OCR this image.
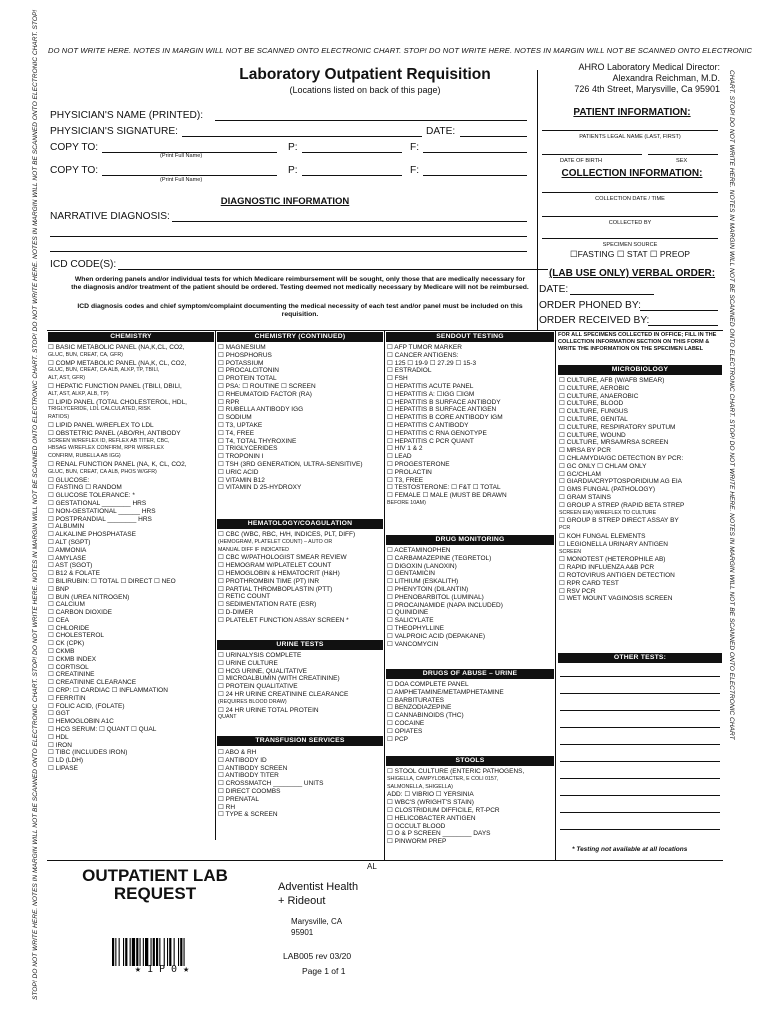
DO NOT WRITE HERE. NOTES IN MARGIN WILL NOT BE SCANNED ONTO ELECTRONIC CHART. STOP! DO NOT WRITE HERE. NOTES IN MARGIN WILL NOT BE SCANNED ONTO ELECTRONIC
STOP! DO NOT WRITE HERE. NOTES IN MARGIN WILL NOT BE SCANNED ONTO ELECTRONIC CHART. STOP! DO NOT WRITE HERE. NOTES IN MARGIN WILL NOT BE SCANNED ONTO ELECTRONIC CHART. STOP! DO NOT WRITE HERE. NOTES IN MARGIN WILL NOT BE SCANNED ONTO ELECTRONIC CHART. STOP!	CHART. STOP! DO NOT WRITE HERE. NOTES IN MARGIN WILL NOT BE SCANNED ONTO ELECTRONIC CHART. STOP! DO NOT WRITE HERE. NOTES IN MARGIN WILL NOT BE SCANNED ONTO ELECTRONIC CHART
Laboratory Outpatient Requisition
(Locations listed on back of this page)
AHRO Laboratory Medical Director:
Alexandra Reichman, M.D.
726 4th Street, Marysville, Ca 95901
PHYSICIAN'S NAME (PRINTED):
PHYSICIAN'S SIGNATURE:	DATE:
COPY TO:
(Print Full Name)
P:	F:
COPY TO:
(Print Full Name)
P:	F:
DIAGNOSTIC INFORMATION
NARRATIVE DIAGNOSIS:
ICD CODE(S):
When ordering panels and/or individual tests for which Medicare reimbursement will be sought, only those that are medically necessary for the diagnosis and/or treatment of the patient should be ordered. Testing deemed not medically necessary by Medicare will not be reimbursed.
ICD diagnosis codes and chief symptom/complaint documenting the medical necessity of each test and/or panel must be included on this requisition.
PATIENT INFORMATION:
PATIENTS LEGAL NAME (LAST, FIRST)
DATE OF BIRTH	SEX
COLLECTION INFORMATION:
COLLECTION DATE / TIME
COLLECTED BY
SPECIMEN SOURCE
☐FASTING ☐ STAT ☐ PREOP
(LAB USE ONLY) VERBAL ORDER:
DATE:
ORDER PHONED BY:
ORDER RECEIVED BY:
CHEMISTRY
☐ BASIC METABOLIC PANEL (NA,K,CL, CO2,
GLUC, BUN, CREAT, CA, GFR)
☐ COMP METABOLIC PANEL (NA,K, CL, CO2,
GLUC, BUN, CREAT, CA ALB, ALKP, TP, TBILI,
ALT, AST, GFR)
☐ HEPATIC FUNCTION PANEL (TBILI, DBILI,
ALT, AST, ALKP, ALB, TP)
☐ LIPID PANEL (TOTAL CHOLESTEROL, HDL,
TRIGLYCERIDE, LDL CALCULATED, RISK
RATIOS)
☐ LIPID PANEL W/REFLEX TO LDL
☐ OBSTETRIC PANEL (ABO/RH, ANTIBODY
SCREEN W/REFLEX ID, REFLEX AB TITER, CBC,
HBSAG W/REFLEX CONFIRM, RPR W/REFLEX
CONFIRM, RUBELLA AB IGG)
☐ RENAL FUNCTION PANEL (NA, K, CL, CO2,
GLUC, BUN, CREAT, CA ALB, PHOS W/GFR)
☐ GLUCOSE:
☐ FASTING ☐ RANDOM
☐ GLUCOSE TOLERANCE: *
☐ GESTATIONAL ________ HRS
☐ NON-GESTATIONAL ______ HRS
☐ POSTPRANDIAL ________ HRS
☐ ALBUMIN
☐ ALKALINE PHOSPHATASE
☐ ALT (SGPT)
☐ AMMONIA
☐ AMYLASE
☐ AST (SGOT)
☐ B12 & FOLATE
☐ BILIRUBIN: ☐ TOTAL ☐ DIRECT ☐ NEO
☐ BNP
☐ BUN (UREA NITROGEN)
☐ CALCIUM
☐ CARBON DIOXIDE
☐ CEA
☐ CHLORIDE
☐ CHOLESTEROL
☐ CK (CPK)
☐ CKMB
☐ CKMB INDEX
☐ CORTISOL
☐ CREATININE
☐ CREATININE CLEARANCE
☐ CRP: ☐ CARDIAC ☐ INFLAMMATION
☐ FERRITIN
☐ FOLIC ACID, (FOLATE)
☐ GGT
☐ HEMOGLOBIN A1C
☐ HCG SERUM: ☐ QUANT ☐ QUAL
☐ HDL
☐ IRON
☐ TIBC (INCLUDES IRON)
☐ LD (LDH)
☐ LIPASE
CHEMISTRY (CONTINUED)
☐ MAGNESIUM
☐ PHOSPHORUS
☐ POTASSIUM
☐ PROCALCITONIN
☐ PROTEIN TOTAL
☐ PSA: ☐ ROUTINE ☐ SCREEN
☐ RHEUMATOID FACTOR (RA)
☐ RPR
☐ RUBELLA ANTIBODY IGG
☐ SODIUM
☐ T3, UPTAKE
☐ T4, FREE
☐ T4, TOTAL THYROXINE
☐ TRIGLYCERIDES
☐ TROPONIN I
☐ TSH (3RD GENERATION, ULTRA-SENSITIVE)
☐ URIC ACID
☐ VITAMIN B12
☐ VITAMIN D 25-HYDROXY
HEMATOLOGY/COAGULATION
☐ CBC (WBC, RBC, H/H, INDICES, PLT, DIFF)
(HEMOGRAM, PLATELET COUNT) – AUTO OR
MANUAL DIFF IF INDICATED
☐ CBC W/PATHOLOGIST SMEAR REVIEW
☐ HEMOGRAM W/PLATELET COUNT
☐ HEMOGLOBIN & HEMATOCRIT (H&H)
☐ PROTHROMBIN TIME (PT) INR
☐ PARTIAL THROMBOPLASTIN (PTT)
☐ RETIC COUNT
☐ SEDIMENTATION RATE (ESR)
☐ D-DIMER
☐ PLATELET FUNCTION ASSAY SCREEN *
URINE TESTS
☐ URINALYSIS COMPLETE
☐ URINE CULTURE
☐ HCG URINE, QUALITATIVE
☐ MICROALBUMIN (WITH CREATININE)
☐ PROTEIN QUALITATIVE
☐ 24 HR URINE CREATININE CLEARANCE
(REQUIRES BLOOD DRAW)
☐ 24 HR URINE TOTAL PROTEIN
QUANT
TRANSFUSION SERVICES
☐ ABO & RH
☐ ANTIBODY ID
☐ ANTIBODY SCREEN
☐ ANTIBODY TITER
☐ CROSSMATCH ________ UNITS
☐ DIRECT COOMBS
☐ PRENATAL
☐ RH
☐ TYPE & SCREEN
SENDOUT TESTING
☐ AFP TUMOR MARKER
☐ CANCER ANTIGENS:
☐ 125 ☐ 19-9 ☐ 27.29 ☐ 15-3
☐ ESTRADIOL
☐ FSH
☐ HEPATITIS ACUTE PANEL
☐ HEPATITIS A: ☐IGG ☐IGM
☐ HEPATITIS B SURFACE ANTIBODY
☐ HEPATITIS B SURFACE ANTIGEN
☐ HEPATITIS B CORE ANTIBODY IGM
☐ HEPATITIS C ANTIBODY
☐ HEPATITIS C RNA GENOTYPE
☐ HEPATITIS C PCR QUANT
☐ HIV 1 & 2
☐ LEAD
☐ PROGESTERONE
☐ PROLACTIN
☐ T3, FREE
☐ TESTOSTERONE: ☐ F&T ☐ TOTAL
☐ FEMALE ☐ MALE (MUST BE DRAWN
BEFORE 10AM)
DRUG MONITORING
☐ ACETAMINOPHEN
☐ CARBAMAZEPINE (TEGRETOL)
☐ DIGOXIN (LANOXIN)
☐ GENTAMICIN
☐ LITHIUM (ESKALITH)
☐ PHENYTOIN (DILANTIN)
☐ PHENOBARBITOL (LUMINAL)
☐ PROCAINAMIDE (NAPA INCLUDED)
☐ QUINIDINE
☐ SALICYLATE
☐ THEOPHYLLINE
☐ VALPROIC ACID (DEPAKANE)
☐ VANCOMYCIN
DRUGS OF ABUSE – URINE
☐ DOA COMPLETE PANEL
☐ AMPHETAMINE/METAMPHETAMINE
☐ BARBITURATES
☐ BENZODIAZEPINE
☐ CANNABINOIDS (THC)
☐ COCAINE
☐ OPIATES
☐ PCP
STOOLS
☐ STOOL CULTURE (ENTERIC PATHOGENS,
SHIGELLA, CAMPYLOBACTER, E COLI 0157,
SALMONELLA, SHIGELLA)
ADD: ☐ VIBRIO ☐ YERSINIA
☐ WBC'S (WRIGHT'S STAIN)
☐ CLOSTRIDIUM DIFFICILE, RT-PCR
☐ HELICOBACTER ANTIGEN
☐ OCCULT BLOOD
☐ O & P SCREEN ________ DAYS
☐ PINWORM PREP
FOR ALL SPECIMENS COLLECTED IN OFFICE; FILL IN THE COLLECTION INFORMATION SECTION ON THIS FORM & WRITE THE INFORMATION ON THE SPECIMEN LABEL
MICROBIOLOGY
☐ CULTURE, AFB (W/AFB SMEAR)
☐ CULTURE, AEROBIC
☐ CULTURE, ANAEROBIC
☐ CULTURE, BLOOD
☐ CULTURE, FUNGUS
☐ CULTURE, GENITAL
☐ CULTURE, RESPIRATORY SPUTUM
☐ CULTURE, WOUND
☐ CULTURE, MRSA/MRSA SCREEN
☐ MRSA BY PCR
☐ CHLAMYDIA/GC DETECTION BY PCR:
☐ GC ONLY ☐ CHLAM ONLY
☐ GC/CHLAM
☐ GIARDIA/CRYPTOSPORIDIUM AG EIA
☐ GMS FUNGAL (PATHOLOGY)
☐ GRAM STAINS
☐ GROUP A STREP (RAPID BETA STREP
SCREEN EIA) W/REFLEX TO CULTURE
☐ GROUP B STREP DIRECT ASSAY BY
PCR
☐ KOH FUNGAL ELEMENTS
☐ LEGIONELLA URINARY ANTIGEN
SCREEN
☐ MONOTEST (HETEROPHILE AB)
☐ RAPID INFLUENZA A&B PCR
☐ ROTOVIRUS ANTIGEN DETECTION
☐ RPR CARD TEST
☐ RSV PCR
☐ WET MOUNT VAGINOSIS SCREEN
OTHER TESTS:
* Testing not available at all locations
AL
OUTPATIENT LAB
REQUEST	Adventist Health
+ Rideout
Marysville, CA
95901
LAB005 rev 03/20
Page 1 of 1
★ 1 P 0 ★
